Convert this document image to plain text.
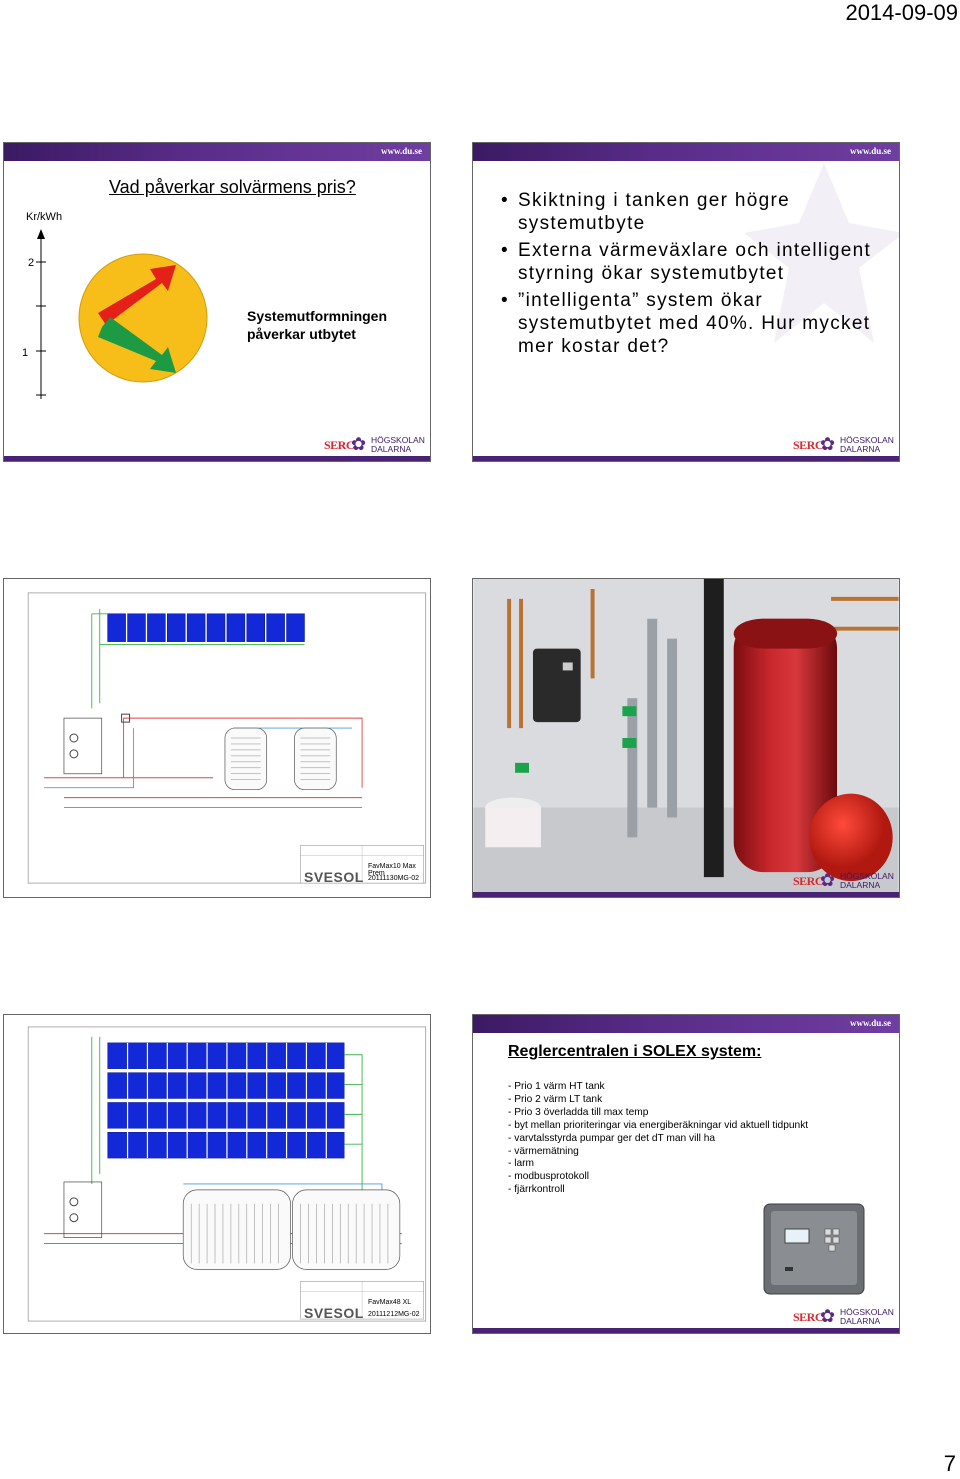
2014-09-09
www.du.se
Vad påverkar solvärmens pris?
Kr/kWh
2
1
Systemutformningen påverkar utbytet
SERC
✿ HÖGSKOLAN
DALARNA
www.du.se
• Skiktning i tanken ger högre systemutbyte
• Externa värmeväxlare och intelligent styrning ökar systemutbytet
• ”intelligenta” system ökar systemutbytet med 40%. Hur mycket mer kostar det?
SERC
✿ HÖGSKOLAN
DALARNA
SVESOL
FavMax10 Max Prem
20111130MG-02	SERC
✿ HÖGSKOLAN
DALARNA
SVESOL
FavMax48 XL
20111212MG-02
www.du.se
Reglercentralen i SOLEX system:
- Prio 1 värm HT tank
- Prio 2 värm LT tank
- Prio 3 överladda till max temp
- byt mellan prioriteringar via energiberäkningar vid aktuell tidpunkt
- varvtalsstyrda pumpar ger det dT man vill ha
- värmemätning
- larm
- modbusprotokoll
- fjärrkontroll
SERC
✿ HÖGSKOLAN
DALARNA
7
